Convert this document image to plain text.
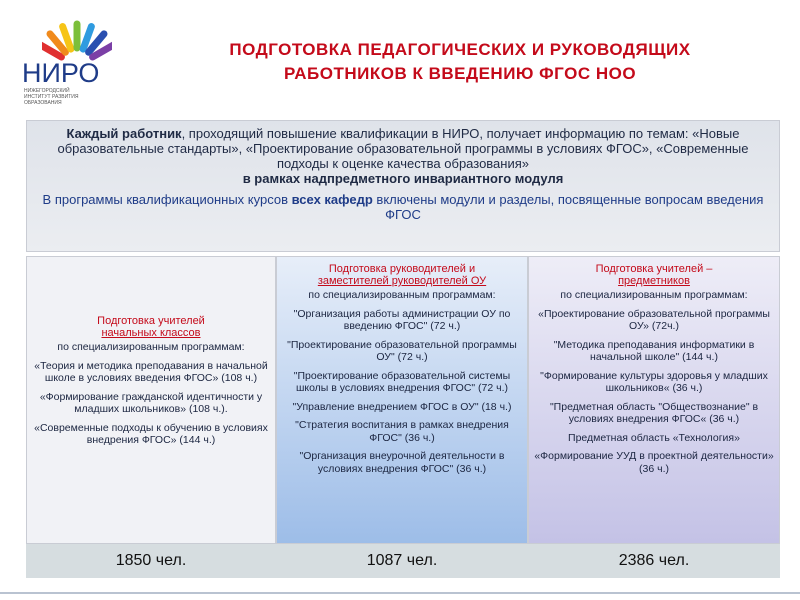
НИРО
НИЖЕГОРОДСКИЙ ИНСТИТУТ РАЗВИТИЯ ОБРАЗОВАНИЯ
ПОДГОТОВКА ПЕДАГОГИЧЕСКИХ И РУКОВОДЯЩИХ
РАБОТНИКОВ К ВВЕДЕНИЮ ФГОС НОО
Каждый работник, проходящий повышение квалификации в НИРО, получает информацию по темам: «Новые образовательные стандарты», «Проектирование образовательной программы в условиях ФГОС», «Современные подходы к оценке качества образования»
в рамках надпредметного инвариантного модуля
В программы квалификационных курсов всех кафедр включены модули и разделы, посвященные вопросам введения ФГОС
Подготовка учителей
начальных классов
по специализированным программам:

«Теория и методика преподавания в начальной школе в условиях введения ФГОС» (108 ч.)

«Формирование гражданской идентичности у младших школьников» (108 ч.).

«Современные подходы к обучению в условиях внедрения ФГОС» (144 ч.)

Подготовка руководителей и
заместителей руководителей ОУ
по специализированным программам:

"Организация работы администрации ОУ по введению ФГОС" (72 ч.)

"Проектирование образовательной программы ОУ" (72 ч.)

"Проектирование образовательной системы школы в условиях внедрения ФГОС" (72 ч.)

"Управление внедрением ФГОС в ОУ" (18 ч.)

"Стратегия воспитания в рамках внедрения ФГОС" (36 ч.)

"Организация внеурочной деятельности в условиях внедрения ФГОС" (36 ч.)

Подготовка учителей –
предметников
по специализированным программам:

«Проектирование образовательной программы ОУ» (72ч.)

"Методика преподавания информатики в начальной школе" (144 ч.)

"Формирование культуры здоровья у младших школьников« (36 ч.)

"Предметная область "Обществознание" в условиях внедрения ФГОС« (36 ч.)

Предметная область «Технология»

«Формирование УУД в проектной деятельности» (36 ч.)

1850 чел.	1087 чел.	2386 чел.
